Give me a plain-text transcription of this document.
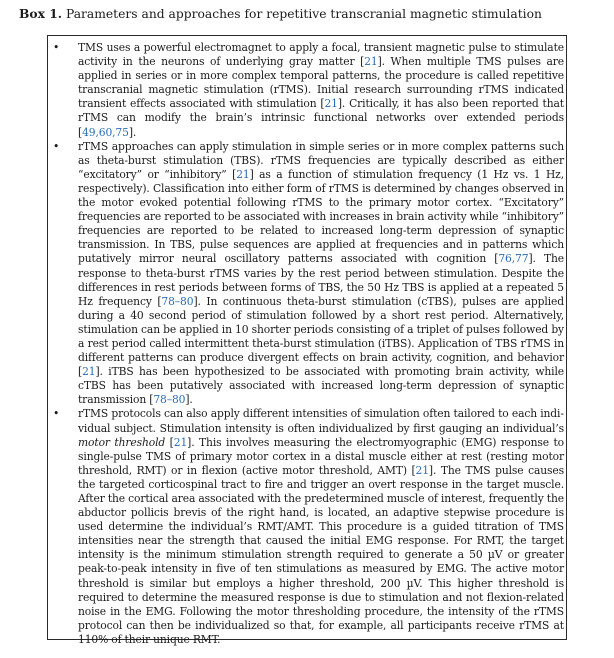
Box 1. Parameters and approaches for repetitive transcranial magnetic stimulation
• TMS uses a powerful electromagnet to apply a focal, transient magnetic pulse to stimulate activity in the neurons of underlying gray matter [21]. When multiple TMS pulses are applied in series or in more complex temporal patterns, the procedure is called repetitive transcranial magnetic stimulation (rTMS). Initial research surrounding rTMS indicated transient effects associated with stimulation [21]. Critically, it has also been reported that rTMS can modify the brain’s intrinsic functional networks over extended periods [49,60,75].
• rTMS approaches can apply stimulation in simple series or in more complex patterns such as theta-burst stimulation (TBS). rTMS frequencies are typically described as either “excitatory” or “inhibitory” [21] as a function of stimulation frequency (1 Hz vs. 1 Hz, respectively). Classification into either form of rTMS is determined by changes observed in the motor evoked potential following rTMS to the primary motor cortex. “Excitatory” frequencies are reported to be associated with increases in brain activity while “inhibitory” frequencies are reported to be related to increased long-term depression of synaptic transmission. In TBS, pulse sequences are applied at frequencies and in patterns which putatively mirror neural oscillatory patterns associated with cognition [76,77]. The response to theta-burst rTMS varies by the rest period between stimulation. Despite the differences in rest periods between forms of TBS, the 50 Hz TBS is applied at a repeated 5 Hz frequency [78–80]. In continuous theta-burst stimulation (cTBS), pulses are applied during a 40 second period of stimulation followed by a short rest period. Alternatively, stimulation can be applied in 10 shorter periods consisting of a triplet of pulses followed by a rest period called intermittent theta-burst stimulation (iTBS). Application of TBS rTMS in different patterns can produce divergent effects on brain activity, cognition, and behavior [21]. iTBS has been hypothesized to be associated with promoting brain activity, while cTBS has been putatively associated with increased long-term depression of synaptic transmission [78–80].
• rTMS protocols can also apply different intensities of simulation often tailored to each individual subject. Stimulation intensity is often individualized by first gauging an individual’s motor threshold [21]. This involves measuring the electromyographic (EMG) response to single-pulse TMS of primary motor cortex in a distal muscle either at rest (resting motor threshold, RMT) or in flexion (active motor threshold, AMT) [21]. The TMS pulse causes the targeted corticospinal tract to fire and trigger an overt response in the target muscle. After the cortical area associated with the predetermined muscle of interest, frequently the abductor pollicis brevis of the right hand, is located, an adaptive stepwise procedure is used determine the individual’s RMT/AMT. This procedure is a guided titration of TMS intensities near the strength that caused the initial EMG response. For RMT, the target intensity is the minimum stimulation strength required to generate a 50 µV or greater peak-to-peak intensity in five of ten stimulations as measured by EMG. The active motor threshold is similar but employs a higher threshold, 200 µV. This higher threshold is required to determine the measured response is due to stimulation and not flexion-related noise in the EMG. Following the motor thresholding procedure, the intensity of the rTMS protocol can then be individualized so that, for example, all participants receive rTMS at 110% of their unique RMT.
